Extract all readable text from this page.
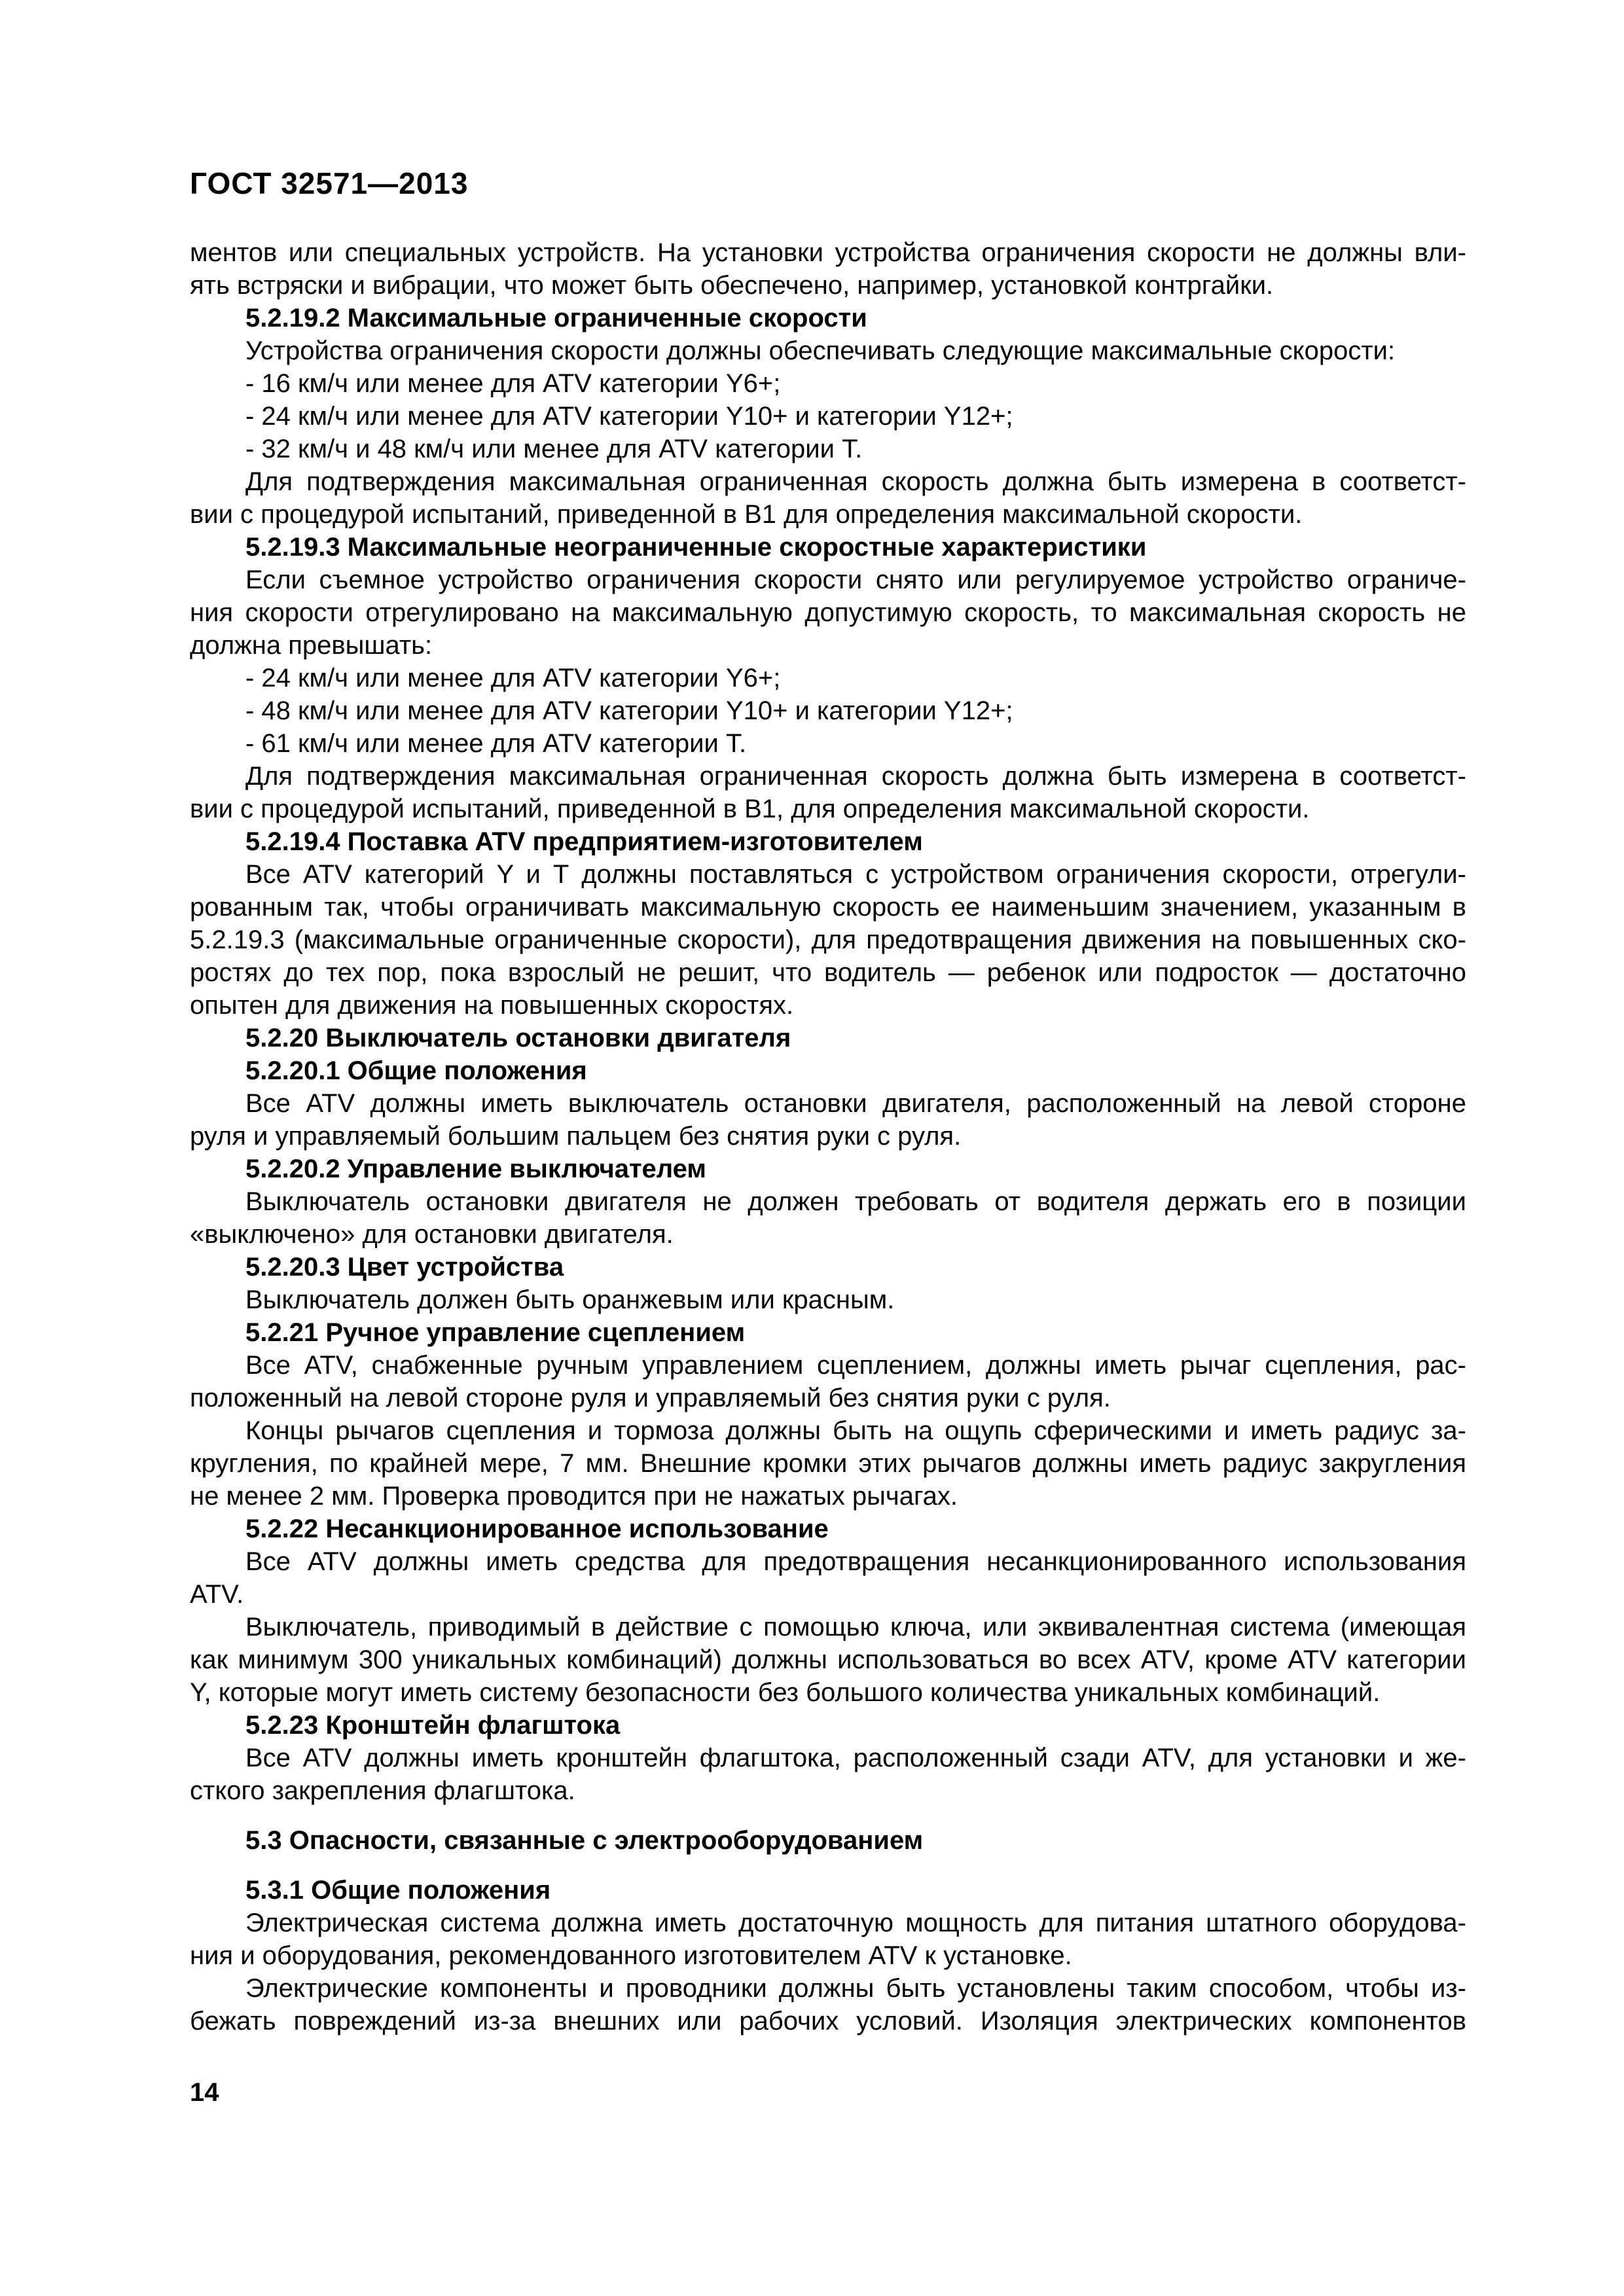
ГОСТ 32571—2013
ментов или специальных устройств. На установки устройства ограничения скорости не должны вли-
ять встряски и вибрации, что может быть обеспечено, например, установкой контргайки.
5.2.19.2 Максимальные ограниченные скорости
Устройства ограничения скорости должны обеспечивать следующие максимальные скорости:
- 16 км/ч или менее для ATV категории Y6+;
- 24 км/ч или менее для ATV категории Y10+ и категории Y12+;
- 32 км/ч и 48 км/ч или менее для ATV категории Т.
Для подтверждения максимальная ограниченная скорость должна быть измерена в соответст-
вии с процедурой испытаний, приведенной в В1 для определения максимальной скорости.
5.2.19.3 Максимальные неограниченные скоростные характеристики
Если съемное устройство ограничения скорости снято или регулируемое устройство ограниче-
ния скорости отрегулировано на максимальную допустимую скорость, то максимальная скорость не
должна превышать:
- 24 км/ч или менее для ATV категории Y6+;
- 48 км/ч или менее для ATV категории Y10+ и категории Y12+;
- 61 км/ч или менее для ATV категории Т.
Для подтверждения максимальная ограниченная скорость должна быть измерена в соответст-
вии с процедурой испытаний, приведенной в В1, для определения максимальной скорости.
5.2.19.4 Поставка ATV предприятием-изготовителем
Все ATV категорий Y и Т должны поставляться с устройством ограничения скорости, отрегули-
рованным так, чтобы ограничивать максимальную скорость ее наименьшим значением, указанным в
5.2.19.3 (максимальные ограниченные скорости), для предотвращения движения на повышенных ско-
ростях до тех пор, пока взрослый не решит, что водитель — ребенок или подросток — достаточно
опытен для движения на повышенных скоростях.
5.2.20 Выключатель остановки двигателя
5.2.20.1 Общие положения
Все ATV должны иметь выключатель остановки двигателя, расположенный на левой стороне
руля и управляемый большим пальцем без снятия руки с руля.
5.2.20.2 Управление выключателем
Выключатель остановки двигателя не должен требовать от водителя держать его в позиции
«выключено» для остановки двигателя.
5.2.20.3 Цвет устройства
Выключатель должен быть оранжевым или красным.
5.2.21 Ручное управление сцеплением
Все ATV, снабженные ручным управлением сцеплением, должны иметь рычаг сцепления, рас-
положенный на левой стороне руля и управляемый без снятия руки с руля.
Концы рычагов сцепления и тормоза должны быть на ощупь сферическими и иметь радиус за-
кругления, по крайней мере, 7 мм. Внешние кромки этих рычагов должны иметь радиус закругления
не менее 2 мм. Проверка проводится при не нажатых рычагах.
5.2.22 Несанкционированное использование
Все ATV должны иметь средства для предотвращения несанкционированного использования
ATV.
Выключатель, приводимый в действие с помощью ключа, или эквивалентная система (имеющая
как минимум 300 уникальных комбинаций) должны использоваться во всех ATV, кроме ATV категории
Y, которые могут иметь систему безопасности без большого количества уникальных комбинаций.
5.2.23 Кронштейн флагштока
Все ATV должны иметь кронштейн флагштока, расположенный сзади ATV, для установки и же-
сткого закрепления флагштока.
5.3 Опасности, связанные с электрооборудованием
5.3.1 Общие положения
Электрическая система должна иметь достаточную мощность для питания штатного оборудова-
ния и оборудования, рекомендованного изготовителем ATV к установке.
Электрические компоненты и проводники должны быть установлены таким способом, чтобы из-
бежать повреждений из-за внешних или рабочих условий. Изоляция электрических компонентов
14
